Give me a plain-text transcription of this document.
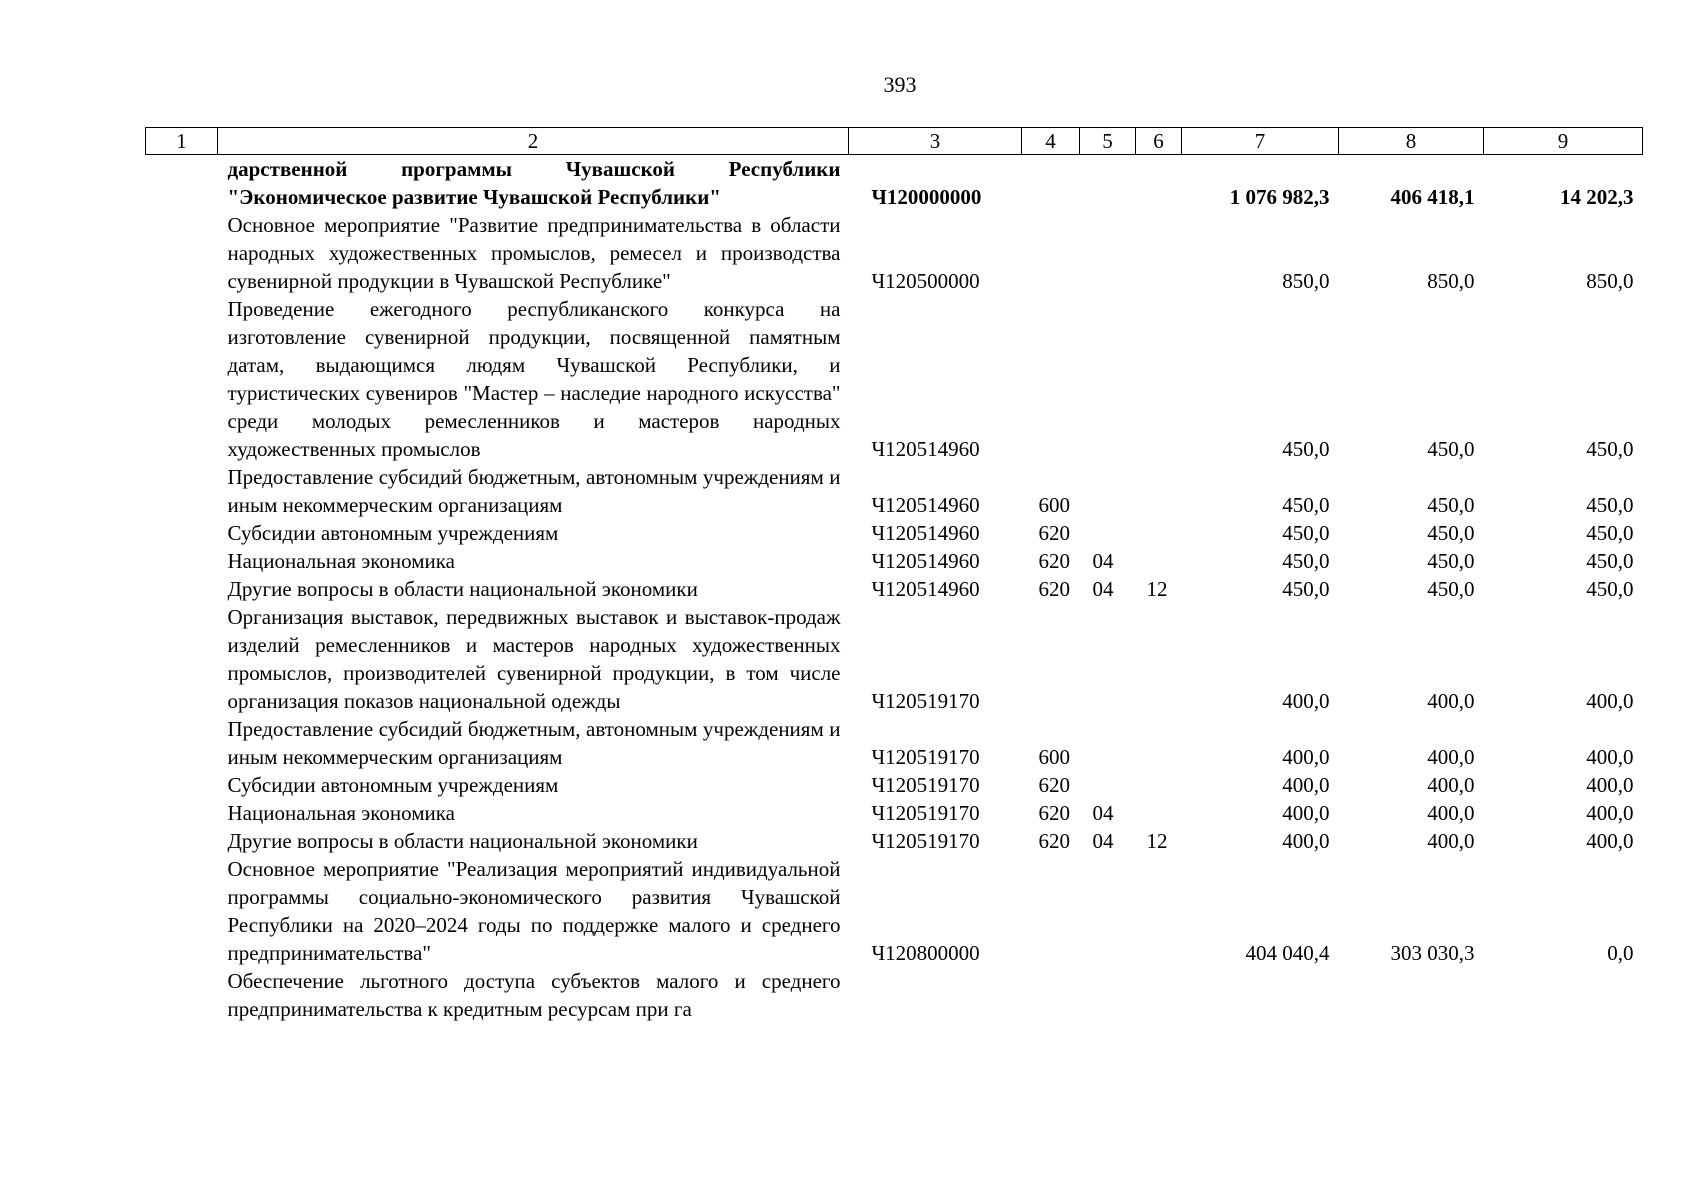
393
1	2	3	4	5	6	7	8	9
	дарственной программы Чувашской Республики "Экономическое развитие Чувашской Республики"	Ч120000000				1 076 982,3	406 418,1	14 202,3
	Основное мероприятие "Развитие предпринимательства в области народных художественных промыслов, ремесел и производства сувенирной продукции в Чувашской Республике"	Ч120500000				850,0	850,0	850,0
	Проведение ежегодного республиканского конкурса на изготовление сувенирной продукции, посвященной памятным датам, выдающимся людям Чувашской Республики, и туристических сувениров "Мастер – наследие народного искусства" среди молодых ремесленников и мастеров народных художественных промыслов	Ч120514960				450,0	450,0	450,0
	Предоставление субсидий бюджетным, автономным учреждениям и иным некоммерческим организациям	Ч120514960	600			450,0	450,0	450,0
	Субсидии автономным учреждениям	Ч120514960	620			450,0	450,0	450,0
	Национальная экономика	Ч120514960	620	04		450,0	450,0	450,0
	Другие вопросы в области национальной экономики	Ч120514960	620	04	12	450,0	450,0	450,0
	Организация выставок, передвижных выставок и выставок-продаж изделий ремесленников и мастеров народных художественных промыслов, производителей сувенирной продукции, в том числе организация показов национальной одежды	Ч120519170				400,0	400,0	400,0
	Предоставление субсидий бюджетным, автономным учреждениям и иным некоммерческим организациям	Ч120519170	600			400,0	400,0	400,0
	Субсидии автономным учреждениям	Ч120519170	620			400,0	400,0	400,0
	Национальная экономика	Ч120519170	620	04		400,0	400,0	400,0
	Другие вопросы в области национальной экономики	Ч120519170	620	04	12	400,0	400,0	400,0
	Основное мероприятие "Реализация мероприятий индивидуальной программы социально-экономического развития Чувашской Республики на 2020–2024 годы по поддержке малого и среднего предпринимательства"	Ч120800000				404 040,4	303 030,3	0,0
	Обеспечение льготного доступа субъектов малого и среднего предпринимательства к кредитным ресурсам при га							
